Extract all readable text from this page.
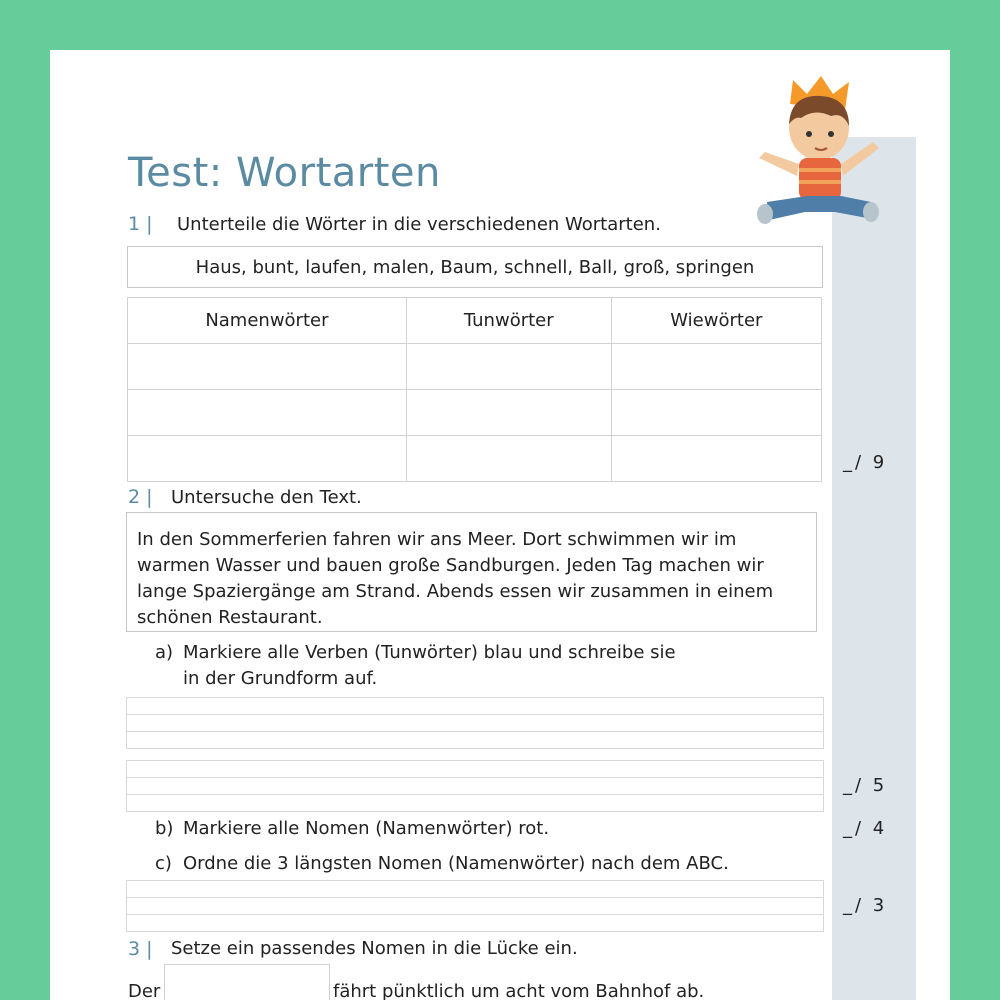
Test: Wortarten
1 | Unterteile die Wörter in die verschiedenen Wortarten.
Haus, bunt, laufen, malen, Baum, schnell, Ball, groß, springen
Namenwörter	Tunwörter	Wiewörter

_/ 9
2 | Untersuche den Text.
In den Sommerferien fahren wir ans Meer. Dort schwimmen wir im warmen Wasser und bauen große Sandburgen. Jeden Tag machen wir lange Spaziergänge am Strand. Abends essen wir zusammen in einem schönen Restaurant.
a) Markiere alle Verben (Tunwörter) blau und schreibe sie
in der Grundform auf.
_/ 5
b) Markiere alle Nomen (Namenwörter) rot.	_/ 4
c) Ordne die 3 längsten Nomen (Namenwörter) nach dem ABC.
_/ 3
3 | Setze ein passendes Nomen in die Lücke ein.
Der	fährt pünktlich um acht vom Bahnhof ab.
